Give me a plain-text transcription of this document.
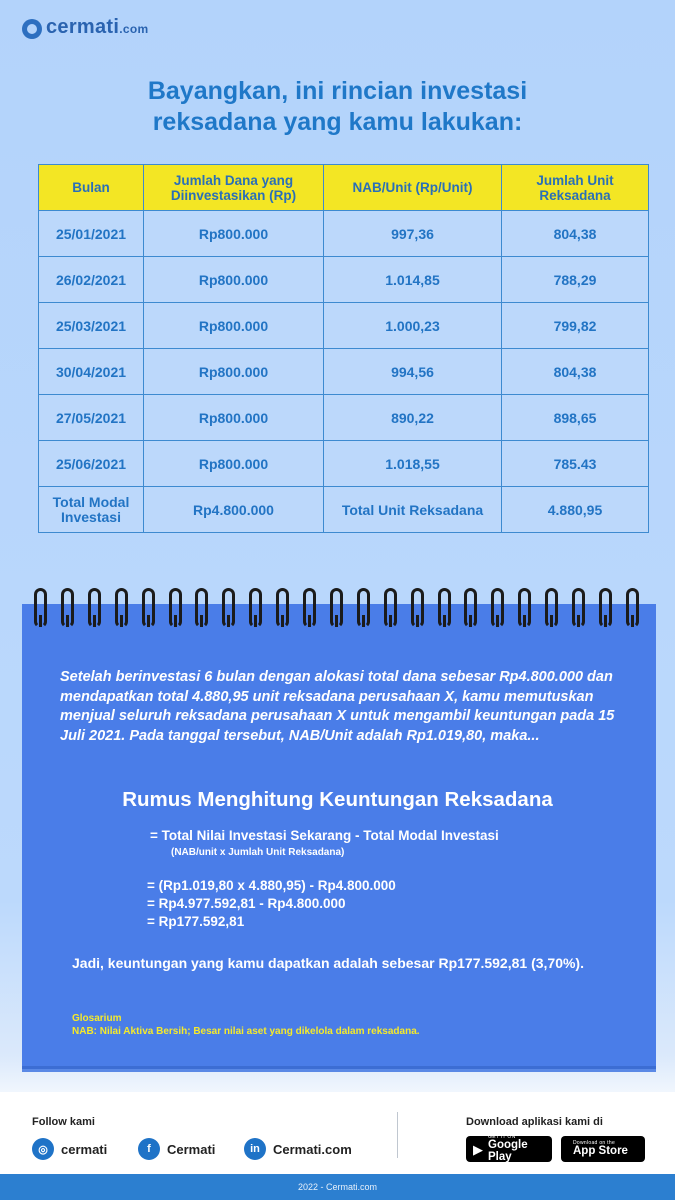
cermati.com
Bayangkan, ini rincian investasi
reksadana yang kamu lakukan:
Bulan	Jumlah Dana yang Diinvestasikan (Rp)	NAB/Unit (Rp/Unit)	Jumlah Unit Reksadana
25/01/2021	Rp800.000	997,36	804,38
26/02/2021	Rp800.000	1.014,85	788,29
25/03/2021	Rp800.000	1.000,23	799,82
30/04/2021	Rp800.000	994,56	804,38
27/05/2021	Rp800.000	890,22	898,65
25/06/2021	Rp800.000	1.018,55	785.43
Total Modal Investasi	Rp4.800.000	Total Unit Reksadana	4.880,95
Setelah berinvestasi 6 bulan dengan alokasi total dana sebesar Rp4.800.000 dan mendapatkan total 4.880,95 unit reksadana perusahaan X, kamu memutuskan menjual seluruh reksadana perusahaan X untuk mengambil keuntungan pada 15 Juli 2021. Pada tanggal tersebut, NAB/Unit adalah Rp1.019,80, maka...
Rumus Menghitung Keuntungan Reksadana
= Total Nilai Investasi Sekarang - Total Modal Investasi
(NAB/unit x Jumlah Unit Reksadana)
= (Rp1.019,80 x 4.880,95) - Rp4.800.000
= Rp4.977.592,81 - Rp4.800.000
= Rp177.592,81
Jadi, keuntungan yang kamu dapatkan adalah sebesar Rp177.592,81 (3,70%).
Glosarium
NAB: Nilai Aktiva Bersih; Besar nilai aset yang dikelola dalam reksadana.
Follow kami
◎	cermati	f	Cermati	in	Cermati.com
Download aplikasi kami di
▶
GET IT ON
Google Play
Download on the
App Store
2022 - Cermati.com
